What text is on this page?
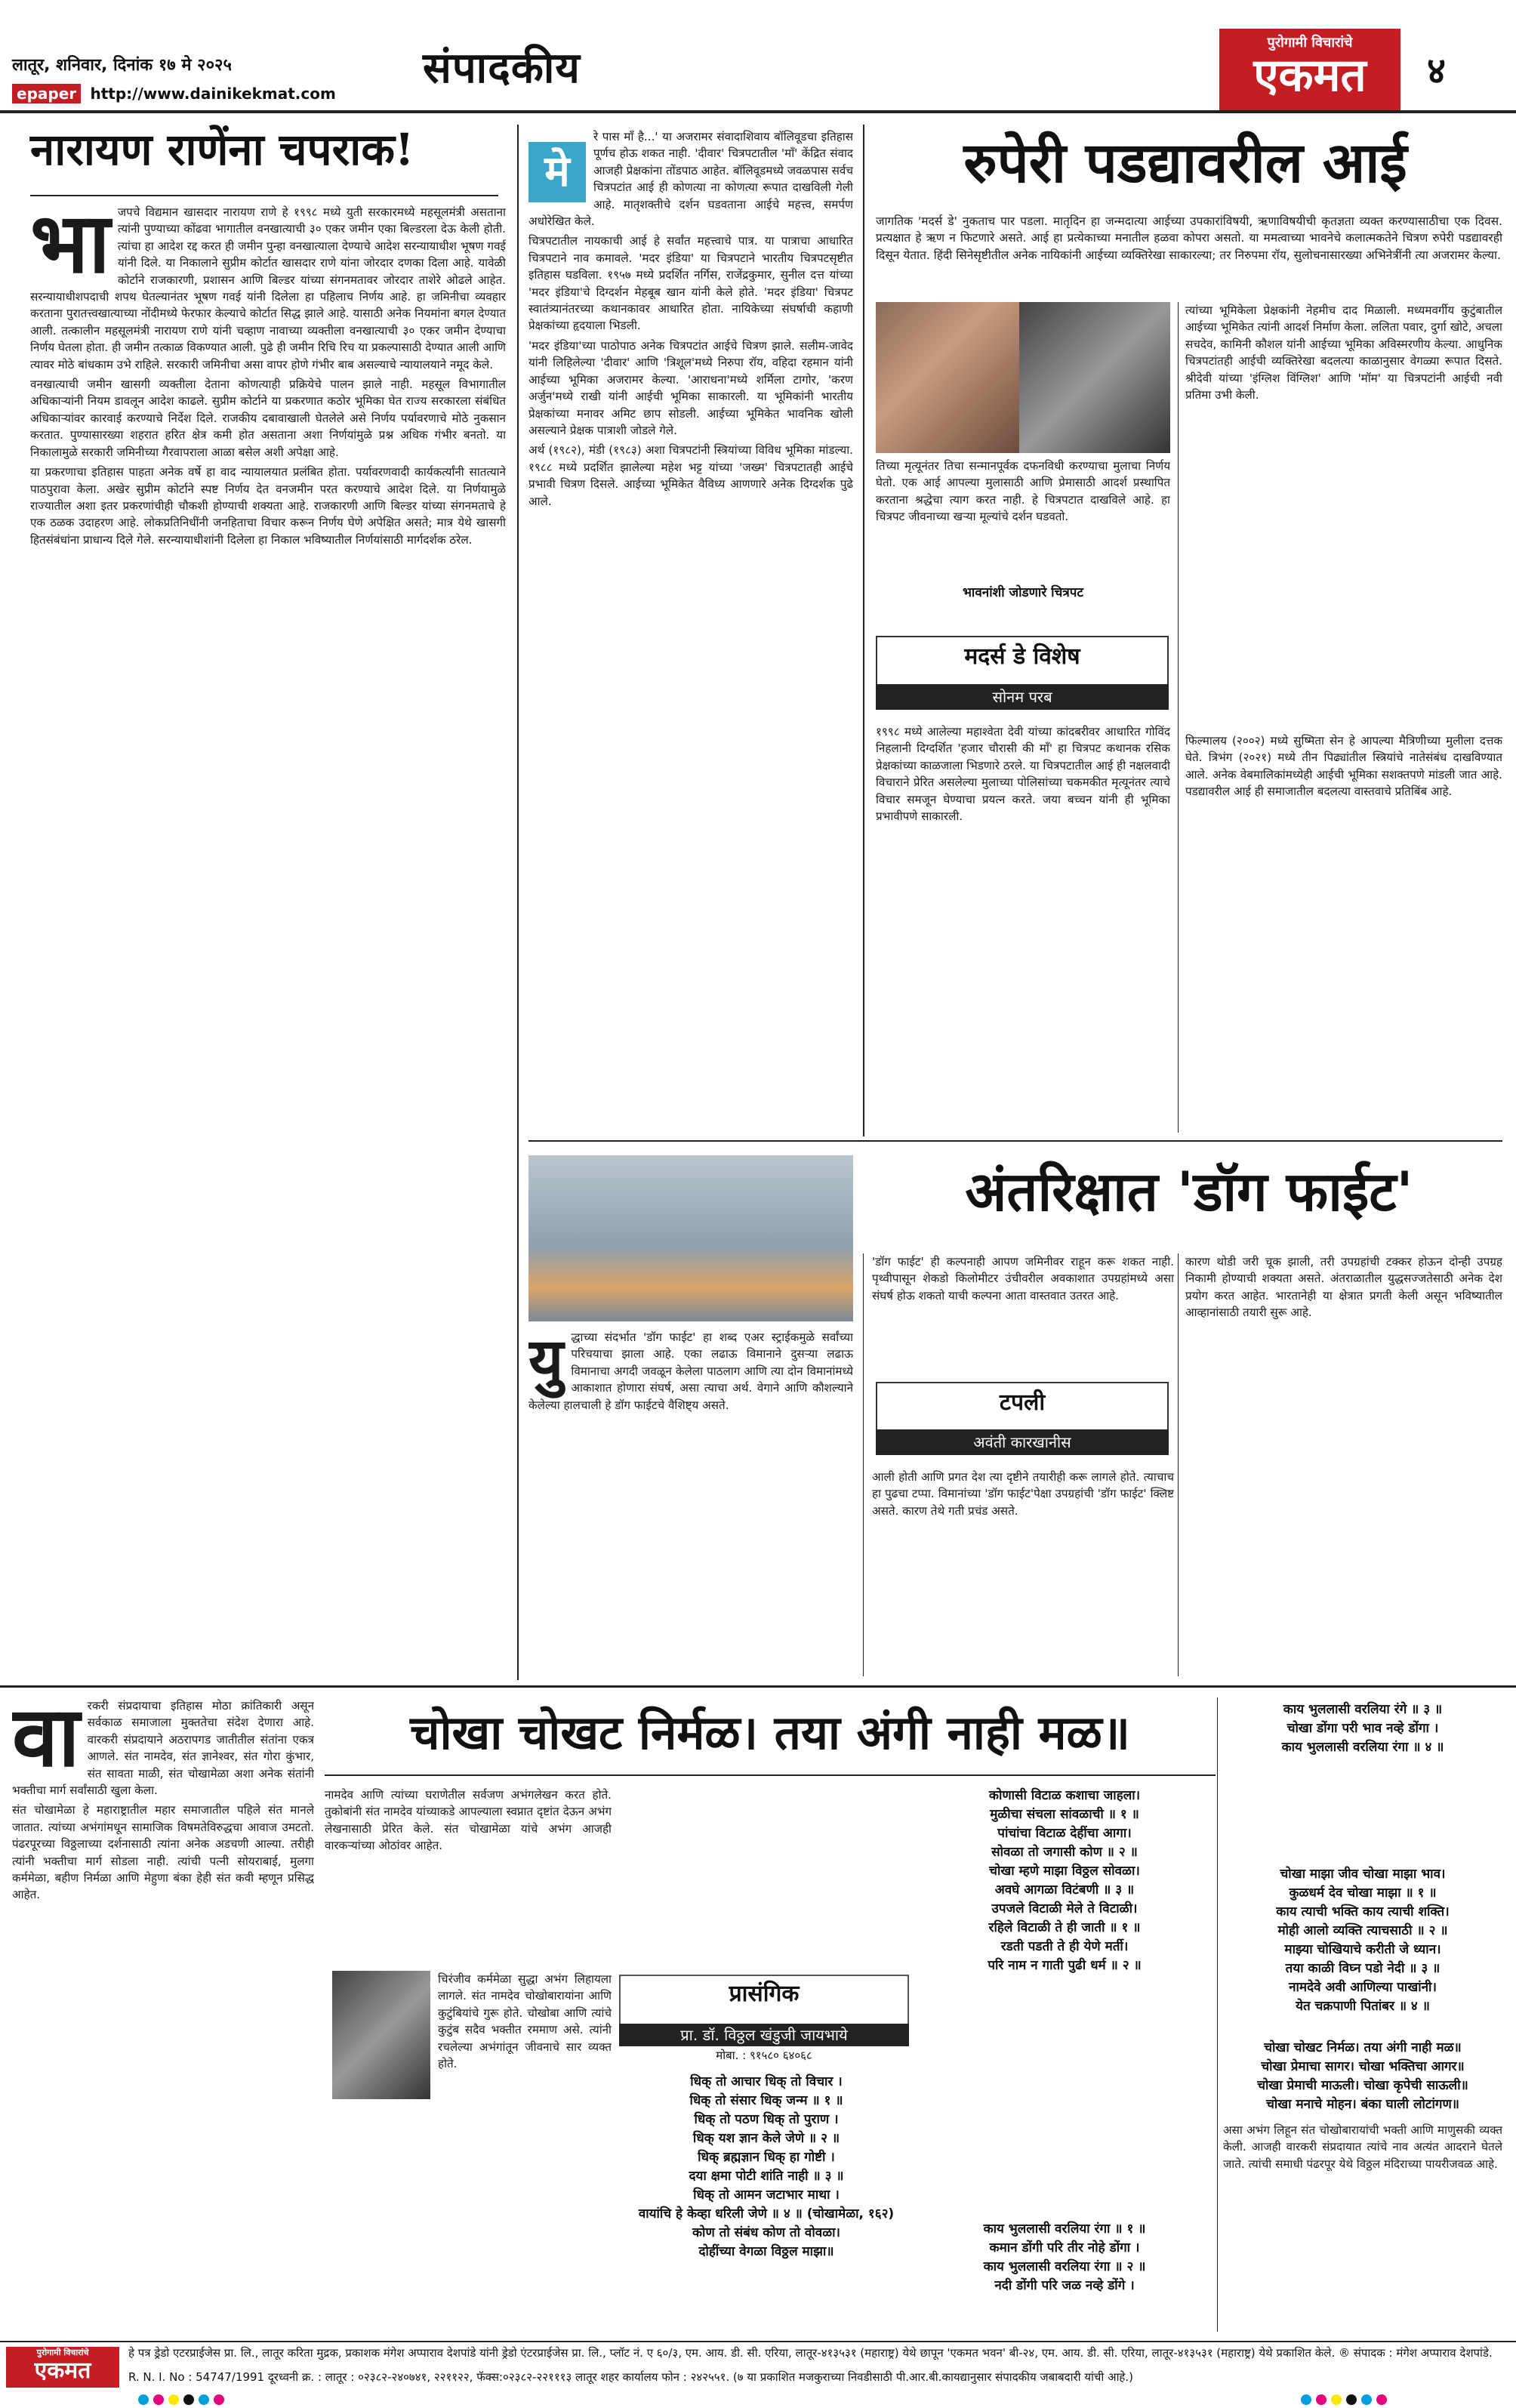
लातूर, शनिवार, दिनांक १७ मे २०२५
epaper http://www.dainikekmat.com
संपादकीय
पुरोगामी विचारांचे
एकमत	४
नारायण राणेंना चपराक!
भा जपचे विद्यमान खासदार नारायण राणे हे १९९८ मध्ये युती सरकारमध्ये महसूलमंत्री असताना त्यांनी पुण्याच्या कोंढवा भागातील वनखात्याची ३० एकर जमीन एका बिल्डरला देऊ केली होती. त्यांचा हा आदेश रद्द करत ही जमीन पुन्हा वनखात्याला देण्याचे आदेश सरन्यायाधीश भूषण गवई यांनी दिले. या निकालाने सुप्रीम कोर्टात खासदार राणे यांना जोरदार दणका दिला आहे. यावेळी कोर्टाने राजकारणी, प्रशासन आणि बिल्डर यांच्या संगनमतावर जोरदार ताशेरे ओढले आहेत. सरन्यायाधीशपदाची शपथ घेतल्यानंतर भूषण गवई यांनी दिलेला हा पहिलाच निर्णय आहे. हा जमिनीचा व्यवहार करताना पुरातत्त्वखात्याच्या नोंदीमध्ये फेरफार केल्याचे कोर्टात सिद्ध झाले आहे. यासाठी अनेक नियमांना बगल देण्यात आली. तत्कालीन महसूलमंत्री नारायण राणे यांनी चव्हाण नावाच्या व्यक्तीला वनखात्याची ३० एकर जमीन देण्याचा निर्णय घेतला होता. ही जमीन तत्काळ विकण्यात आली. पुढे ही जमीन रिचि रिच या प्रकल्पासाठी देण्यात आली आणि त्यावर मोठे बांधकाम उभे राहिले. सरकारी जमिनीचा असा वापर होणे गंभीर बाब असल्याचे न्यायालयाने नमूद केले.

वनखात्याची जमीन खासगी व्यक्तीला देताना कोणत्याही प्रक्रियेचे पालन झाले नाही. महसूल विभागातील अधिकाऱ्यांनी नियम डावलून आदेश काढले. सुप्रीम कोर्टाने या प्रकरणात कठोर भूमिका घेत राज्य सरकारला संबंधित अधिकाऱ्यांवर कारवाई करण्याचे निर्देश दिले. राजकीय दबावाखाली घेतलेले असे निर्णय पर्यावरणाचे मोठे नुकसान करतात. पुण्यासारख्या शहरात हरित क्षेत्र कमी होत असताना अशा निर्णयांमुळे प्रश्न अधिक गंभीर बनतो. या निकालामुळे सरकारी जमिनीच्या गैरवापराला आळा बसेल अशी अपेक्षा आहे.

या प्रकरणाचा इतिहास पाहता अनेक वर्षे हा वाद न्यायालयात प्रलंबित होता. पर्यावरणवादी कार्यकर्त्यांनी सातत्याने पाठपुरावा केला. अखेर सुप्रीम कोर्टाने स्पष्ट निर्णय देत वनजमीन परत करण्याचे आदेश दिले. या निर्णयामुळे राज्यातील अशा इतर प्रकरणांचीही चौकशी होण्याची शक्यता आहे. राजकारणी आणि बिल्डर यांच्या संगनमताचे हे एक ठळक उदाहरण आहे. लोकप्रतिनिधींनी जनहिताचा विचार करून निर्णय घेणे अपेक्षित असते; मात्र येथे खासगी हितसंबंधांना प्राधान्य दिले गेले. सरन्यायाधीशांनी दिलेला हा निकाल भविष्यातील निर्णयांसाठी मार्गदर्शक ठरेल.

मे

रे पास माँ है...' या अजरामर संवादाशिवाय बॉलिवूडचा इतिहास पूर्णच होऊ शकत नाही. 'दीवार' चित्रपटातील 'माँ' केंद्रित संवाद आजही प्रेक्षकांना तोंडपाठ आहेत. बॉलिवूडमध्ये जवळपास सर्वच चित्रपटांत आई ही कोणत्या ना कोणत्या रूपात दाखविली गेली आहे. मातृशक्तीचे दर्शन घडवताना आईचे महत्त्व, समर्पण अधोरेखित केले.

चित्रपटातील नायकाची आई हे सर्वांत महत्त्वाचे पात्र. या पात्राचा आधारित चित्रपटाने नाव कमावले. 'मदर इंडिया' या चित्रपटाने भारतीय चित्रपटसृष्टीत इतिहास घडविला. १९५७ मध्ये प्रदर्शित नर्गिस, राजेंद्रकुमार, सुनील दत्त यांच्या 'मदर इंडिया'चे दिग्दर्शन मेहबूब खान यांनी केले होते. 'मदर इंडिया' चित्रपट स्वातंत्र्यानंतरच्या कथानकावर आधारित होता. नायिकेच्या संघर्षाची कहाणी प्रेक्षकांच्या हृदयाला भिडली.

'मदर इंडिया'च्या पाठोपाठ अनेक चित्रपटांत आईचे चित्रण झाले. सलीम-जावेद यांनी लिहिलेल्या 'दीवार' आणि 'त्रिशूल'मध्ये निरुपा रॉय, वहिदा रहमान यांनी आईच्या भूमिका अजरामर केल्या. 'आराधना'मध्ये शर्मिला टागोर, 'करण अर्जुन'मध्ये राखी यांनी आईची भूमिका साकारली. या भूमिकांनी भारतीय प्रेक्षकांच्या मनावर अमिट छाप सोडली. आईच्या भूमिकेत भावनिक खोली असल्याने प्रेक्षक पात्राशी जोडले गेले.

अर्थ (१९८२), मंडी (१९८३) अशा चित्रपटांनी स्त्रियांच्या विविध भूमिका मांडल्या. १९८८ मध्ये प्रदर्शित झालेल्या महेश भट्ट यांच्या 'जख्म' चित्रपटातही आईचे प्रभावी चित्रण दिसले. आईच्या भूमिकेत वैविध्य आणणारे अनेक दिग्दर्शक पुढे आले.

रुपेरी पडद्यावरील आई
जागतिक 'मदर्स डे' नुकताच पार पडला. मातृदिन हा जन्मदात्या आईच्या उपकारांविषयी, ऋणाविषयीची कृतज्ञता व्यक्त करण्यासाठीचा एक दिवस. प्रत्यक्षात हे ऋण न फिटणारे असते. आई हा प्रत्येकाच्या मनातील हळवा कोपरा असतो. या ममत्वाच्या भावनेचे कलात्मकतेने चित्रण रुपेरी पडद्यावरही दिसून येतात. हिंदी सिनेसृष्टीतील अनेक नायिकांनी आईच्या व्यक्तिरेखा साकारल्या; तर निरुपमा रॉय, सुलोचनासारख्या अभिनेत्रींनी त्या अजरामर केल्या.
तिच्या मृत्यूनंतर तिचा सन्मानपूर्वक दफनविधी करण्याचा मुलाचा निर्णय घेतो. एक आई आपल्या मुलासाठी आणि प्रेमासाठी आदर्श प्रस्थापित करताना श्रद्धेचा त्याग करत नाही. हे चित्रपटात दाखविले आहे. हा चित्रपट जीवनाच्या खऱ्या मूल्यांचे दर्शन घडवतो.
भावनांशी जोडणारे चित्रपट
मदर्स डे विशेष
सोनम परब
१९९८ मध्ये आलेल्या महाश्वेता देवी यांच्या कांदबरीवर आधारित गोविंद निहलानी दिग्दर्शित 'हजार चौरासी की माँ' हा चित्रपट कथानक रसिक प्रेक्षकांच्या काळजाला भिडणारे ठरले. या चित्रपटातील आई ही नक्षलवादी विचाराने प्रेरित असलेल्या मुलाच्या पोलिसांच्या चकमकीत मृत्यूनंतर त्याचे विचार समजून घेण्याचा प्रयत्न करते. जया बच्चन यांनी ही भूमिका प्रभावीपणे साकारली.
त्यांच्या भूमिकेला प्रेक्षकांनी नेहमीच दाद मिळाली. मध्यमवर्गीय कुटुंबातील आईच्या भूमिकेत त्यांनी आदर्श निर्माण केला. ललिता पवार, दुर्गा खोटे, अचला सचदेव, कामिनी कौशल यांनी आईच्या भूमिका अविस्मरणीय केल्या. आधुनिक चित्रपटांतही आईची व्यक्तिरेखा बदलत्या काळानुसार वेगळ्या रूपात दिसते. श्रीदेवी यांच्या 'इंग्लिश विंग्लिश' आणि 'मॉम' या चित्रपटांनी आईची नवी प्रतिमा उभी केली.
फिल्मालय (२००२) मध्ये सुष्मिता सेन हे आपल्या मैत्रिणीच्या मुलीला दत्तक घेते. त्रिभंग (२०२१) मध्ये तीन पिढ्यांतील स्त्रियांचे नातेसंबंध दाखविण्यात आले. अनेक वेबमालिकांमध्येही आईची भूमिका सशक्तपणे मांडली जात आहे. पडद्यावरील आई ही समाजातील बदलत्या वास्तवाचे प्रतिबिंब आहे.
अंतरिक्षात 'डॉग फाईट'
यु द्धाच्या संदर्भात 'डॉग फाईट' हा शब्द एअर स्ट्राईकमुळे सर्वांच्या परिचयाचा झाला आहे. एका लढाऊ विमानाने दुसऱ्या लढाऊ विमानाचा अगदी जवळून केलेला पाठलाग आणि त्या दोन विमानांमध्ये आकाशात होणारा संघर्ष, असा त्याचा अर्थ. वेगाने आणि कौशल्याने केलेल्या हालचाली हे डॉग फाईटचे वैशिष्ट्य असते.

'डॉग फाईट' ही कल्पनाही आपण जमिनीवर राहून करू शकत नाही. पृथ्वीपासून शेकडो किलोमीटर उंचीवरील अवकाशात उपग्रहांमध्ये असा संघर्ष होऊ शकतो याची कल्पना आता वास्तवात उतरत आहे.
टपली
अवंती कारखानीस
आली होती आणि प्रगत देश त्या दृष्टीने तयारीही करू लागले होते. त्याचाच हा पुढचा टप्पा. विमानांच्या 'डॉग फाईट'पेक्षा उपग्रहांची 'डॉग फाईट' क्लिष्ट असते. कारण तेथे गती प्रचंड असते.
कारण थोडी जरी चूक झाली, तरी उपग्रहांची टक्कर होऊन दोन्ही उपग्रह निकामी होण्याची शक्यता असते. अंतराळातील युद्धसज्जतेसाठी अनेक देश प्रयोग करत आहेत. भारतानेही या क्षेत्रात प्रगती केली असून भविष्यातील आव्हानांसाठी तयारी सुरू आहे.
वा रकरी संप्रदायाचा इतिहास मोठा क्रांतिकारी असून सर्वकाळ समाजाला मुक्ततेचा संदेश देणारा आहे. वारकरी संप्रदायाने अठरापगड जातीतील संतांना एकत्र आणले. संत नामदेव, संत ज्ञानेश्वर, संत गोरा कुंभार, संत सावता माळी, संत चोखामेळा अशा अनेक संतांनी भक्तीचा मार्ग सर्वांसाठी खुला केला.

संत चोखामेळा हे महाराष्ट्रातील महार समाजातील पहिले संत मानले जातात. त्यांच्या अभंगांमधून सामाजिक विषमतेविरुद्धचा आवाज उमटतो. पंढरपूरच्या विठ्ठलाच्या दर्शनासाठी त्यांना अनेक अडचणी आल्या. तरीही त्यांनी भक्तीचा मार्ग सोडला नाही. त्यांची पत्नी सोयराबाई, मुलगा कर्ममेळा, बहीण निर्मळा आणि मेहुणा बंका हेही संत कवी म्हणून प्रसिद्ध आहेत.

चोखा चोखट निर्मळ। तया अंगी नाही मळ॥
नामदेव आणि त्यांच्या घराणेतील सर्वजण अभंगलेखन करत होते. तुकोबांनी संत नामदेव यांच्याकडे आपल्याला स्वप्नात दृष्टांत देऊन अभंग लेखनासाठी प्रेरित केले. संत चोखामेळा यांचे अभंग आजही वारकऱ्यांच्या ओठांवर आहेत.
चिरंजीव कर्ममेळा सुद्धा अभंग लिहायला लागले. संत नामदेव चोखोबारायांना आणि कुटुंबियांचे गुरू होते. चोखोबा आणि त्यांचे कुटुंब सदैव भक्तीत रममाण असे. त्यांनी रचलेल्या अभंगांतून जीवनाचे सार व्यक्त होते.
प्रासंगिक
प्रा. डॉ. विठ्ठल खंडुजी जायभाये
मोबा. : ९१५८० ६४०६८
धिक् तो आचार धिक् तो विचार ।
धिक् तो संसार धिक् जन्म ॥ १ ॥
धिक् तो पठण धिक् तो पुराण ।
धिक् यश ज्ञान केले जेणे ॥ २ ॥
धिक् ब्रह्मज्ञान धिक् हा गोष्टी ।
दया क्षमा पोटी शांति नाही ॥ ३ ॥
धिक् तो आमन जटाभार माथा ।
वायांचि हे केव्हा धरिली जेणे ॥ ४ ॥ (चोखामेळा, १६२)
कोण तो संबंध कोण तो वोवळा।
दोहींच्या वेगळा विठ्ठल माझा॥
कोणासी विटाळ कशाचा जाहला।
मुळीचा संचला सांवळाची ॥ १ ॥
पांचांचा विटाळ देहींचा आगा।
सोवळा तो जगासी कोण ॥ २ ॥
चोखा म्हणे माझा विठ्ठल सोवळा।
अवघे आगळा विटंबणी ॥ ३ ॥
उपजले विटाळी मेले ते विटाळी।
रहिले विटाळी ते ही जाती ॥ १ ॥
रडती पडती ते ही येणे मर्ती।
परि नाम न गाती पुढी धर्म ॥ २ ॥
काय भुललासी वरलिया रंगा ॥ १ ॥
कमान डोंगी परि तीर नोहे डोंगा ।
काय भुललासी वरलिया रंगा ॥ २ ॥
नदी डोंगी परि जळ नव्हे डोंगे ।
काय भुललासी वरलिया रंगे ॥ ३ ॥
चोखा डोंगा परी भाव नव्हे डोंगा ।
काय भुललासी वरलिया रंगा ॥ ४ ॥
चोखा माझा जीव चोखा माझा भाव।
कुळधर्म देव चोखा माझा ॥ १ ॥
काय त्याची भक्ति काय त्याची शक्ति।
मोही आलो व्यक्ति त्याचसाठी ॥ २ ॥
माझ्या चोखियाचे करीती जे ध्यान।
तया काळी विघ्न पडो नेदी ॥ ३ ॥
नामदेवे अवी आणिल्या पाखांनी।
येत चक्रपाणी पितांबर ॥ ४ ॥
चोखा चोखट निर्मळ। तया अंगी नाही मळ॥
चोखा प्रेमाचा सागर। चोखा भक्तिचा आगर॥
चोखा प्रेमाची माऊली। चोखा कृपेची साऊली॥
चोखा मनाचे मोहन। बंका घाली लोटांगण॥
असा अभंग लिहून संत चोखोबारायांची भक्ती आणि माणुसकी व्यक्त केली. आजही वारकरी संप्रदायात त्यांचे नाव अत्यंत आदराने घेतले जाते. त्यांची समाधी पंढरपूर येथे विठ्ठल मंदिराच्या पायरीजवळ आहे.
पुरोगामी विचारांचे
एकमत
हे पत्र ड्रेडो एटरप्राईजेस प्रा. लि., लातूर करिता मुद्रक, प्रकाशक मंगेश अप्पाराव देशपांडे यांनी ड्रेडो एंटरप्राईजेस प्रा. लि., प्लॉट नं. ए ६०/३, एम. आय. डी. सी. एरिया, लातूर-४१३५३१ (महाराष्ट्र) येथे छापून 'एकमत भवन' बी-२४, एम. आय. डी. सी. एरिया, लातूर-४१३५३१ (महाराष्ट्र) येथे प्रकाशित केले. ® संपादक : मंगेश अप्पाराव देशपांडे.
R. N. I. No : 54747/1991 दूरध्वनी क्र. : लातूर : ०२३८२-२४०७४१, २२११२२, फॅक्स:०२३८२-२२१११३ लातूर शहर कार्यालय फोन : २४२५५१. (७ या प्रकाशित मजकुराच्या निवडीसाठी पी.आर.बी.कायद्यानुसार संपादकीय जबाबदारी यांची आहे.)
